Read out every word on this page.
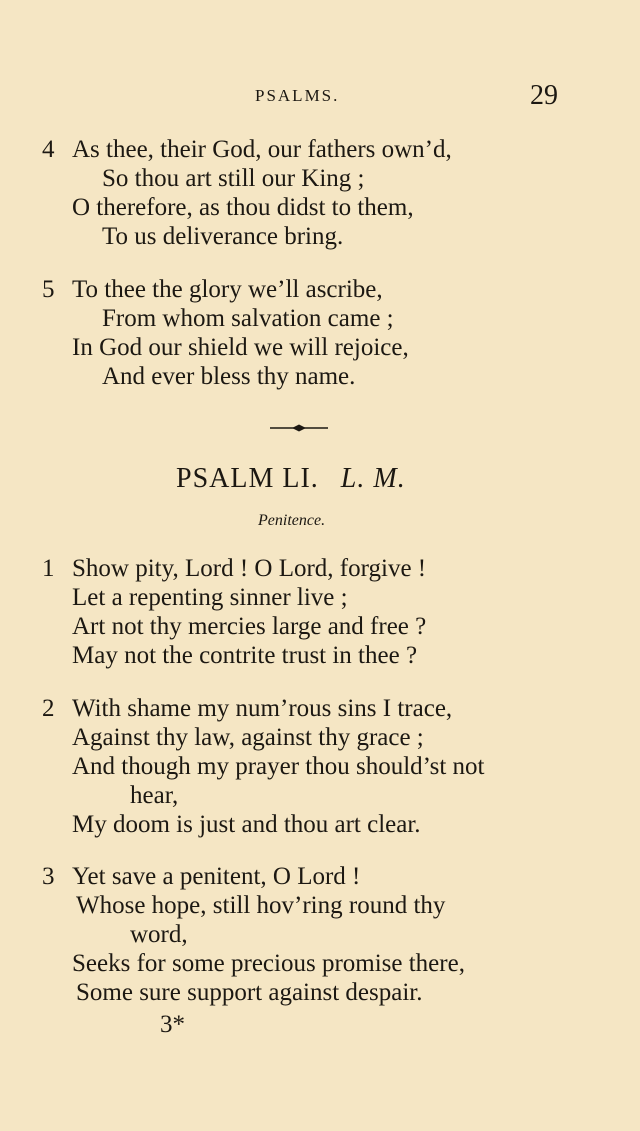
PSALMS.	29
4 As thee, their God, our fathers own’d,
So thou art still our King ;
O therefore, as thou didst to them,
To us deliverance bring.
5 To thee the glory we’ll ascribe,
From whom salvation came ;
In God our shield we will rejoice,
And ever bless thy name.
PSALM LI. L. M.
Penitence.
1 Show pity, Lord ! O Lord, forgive !
Let a repenting sinner live ;
Art not thy mercies large and free ?
May not the contrite trust in thee ?
2 With shame my num’rous sins I trace,
Against thy law, against thy grace ;
And though my prayer thou should’st not
hear,
My doom is just and thou art clear.
3 Yet save a penitent, O Lord !
Whose hope, still hov’ring round thy
word,
Seeks for some precious promise there,
Some sure support against despair.
3*
